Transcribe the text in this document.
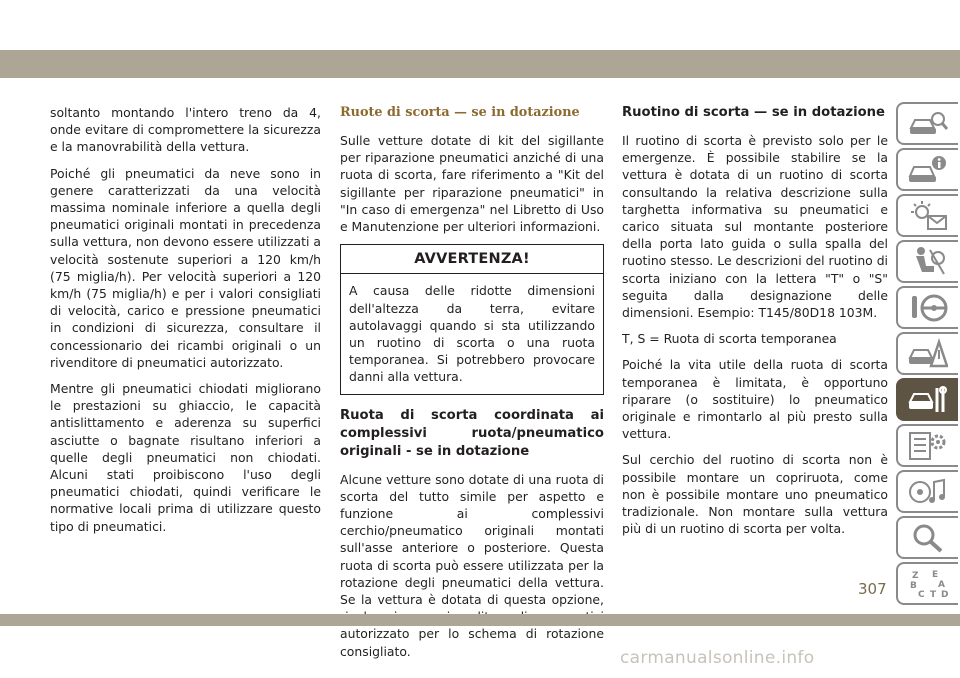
soltanto montando l'intero treno da 4, onde evitare di compromettere la sicurezza e la manovrabilità della vettura.

Poiché gli pneumatici da neve sono in genere caratterizzati da una velocità massima nominale inferiore a quella degli pneumatici originali montati in precedenza sulla vettura, non devono essere utilizzati a velocità sostenute superiori a 120 km/h (75 miglia/h). Per velocità superiori a 120 km/h (75 miglia/h) e per i valori consigliati di velocità, carico e pressione pneumatici in condizioni di sicurezza, consultare il concessionario dei ricambi originali o un rivenditore di pneumatici autorizzato.

Mentre gli pneumatici chiodati migliorano le prestazioni su ghiaccio, le capacità antislittamento e aderenza su superfici asciutte o bagnate risultano inferiori a quelle degli pneumatici non chiodati. Alcuni stati proibiscono l'uso degli pneumatici chiodati, quindi verificare le normative locali prima di utilizzare questo tipo di pneumatici.

Ruote di scorta — se in dotazione

Sulle vetture dotate di kit del sigillante per riparazione pneumatici anziché di una ruota di scorta, fare riferimento a "Kit del sigillante per riparazione pneumatici" in "In caso di emergenza" nel Libretto di Uso e Manutenzione per ulteriori informazioni.

AVVERTENZA!
A causa delle ridotte dimensioni dell'altezza da terra, evitare autolavaggi quando si sta utilizzando un ruotino di scorta o una ruota temporanea. Si potrebbero provocare danni alla vettura.
Ruota di scorta coordinata ai complessivi ruota/pneumatico originali - se in dotazione

Alcune vetture sono dotate di una ruota di scorta del tutto simile per aspetto e funzione ai complessivi cerchio/pneumatico originali montati sull'asse anteriore o posteriore. Questa ruota di scorta può essere utilizzata per la rotazione degli pneumatici della vettura. Se la vettura è dotata di questa opzione, autorizzato per lo schema di rotazione consigliato.

Ruotino di scorta — se in dotazione

Il ruotino di scorta è previsto solo per le emergenze. È possibile stabilire se la vettura è dotata di un ruotino di scorta consultando la relativa descrizione sulla targhetta informativa su pneumatici e carico situata sul montante posteriore della porta lato guida o sulla spalla del ruotino stesso. Le descrizioni del ruotino di scorta iniziano con la lettera "T" o "S" seguita dalla designazione delle dimensioni. Esempio: T145/80D18 103M.

T, S = Ruota di scorta temporanea

Poiché la vita utile della ruota di scorta temporanea è limitata, è opportuno riparare (o sostituire) lo pneumatico originale e rimontarlo al più presto sulla vettura.

Sul cerchio del ruotino di scorta non è possibile montare un copriruota, come non è possibile montare uno pneumatico tradizionale. Non montare sulla vettura più di un ruotino di scorta per volta.

Z E
B A
C T D
307
carmanualsonline.info
